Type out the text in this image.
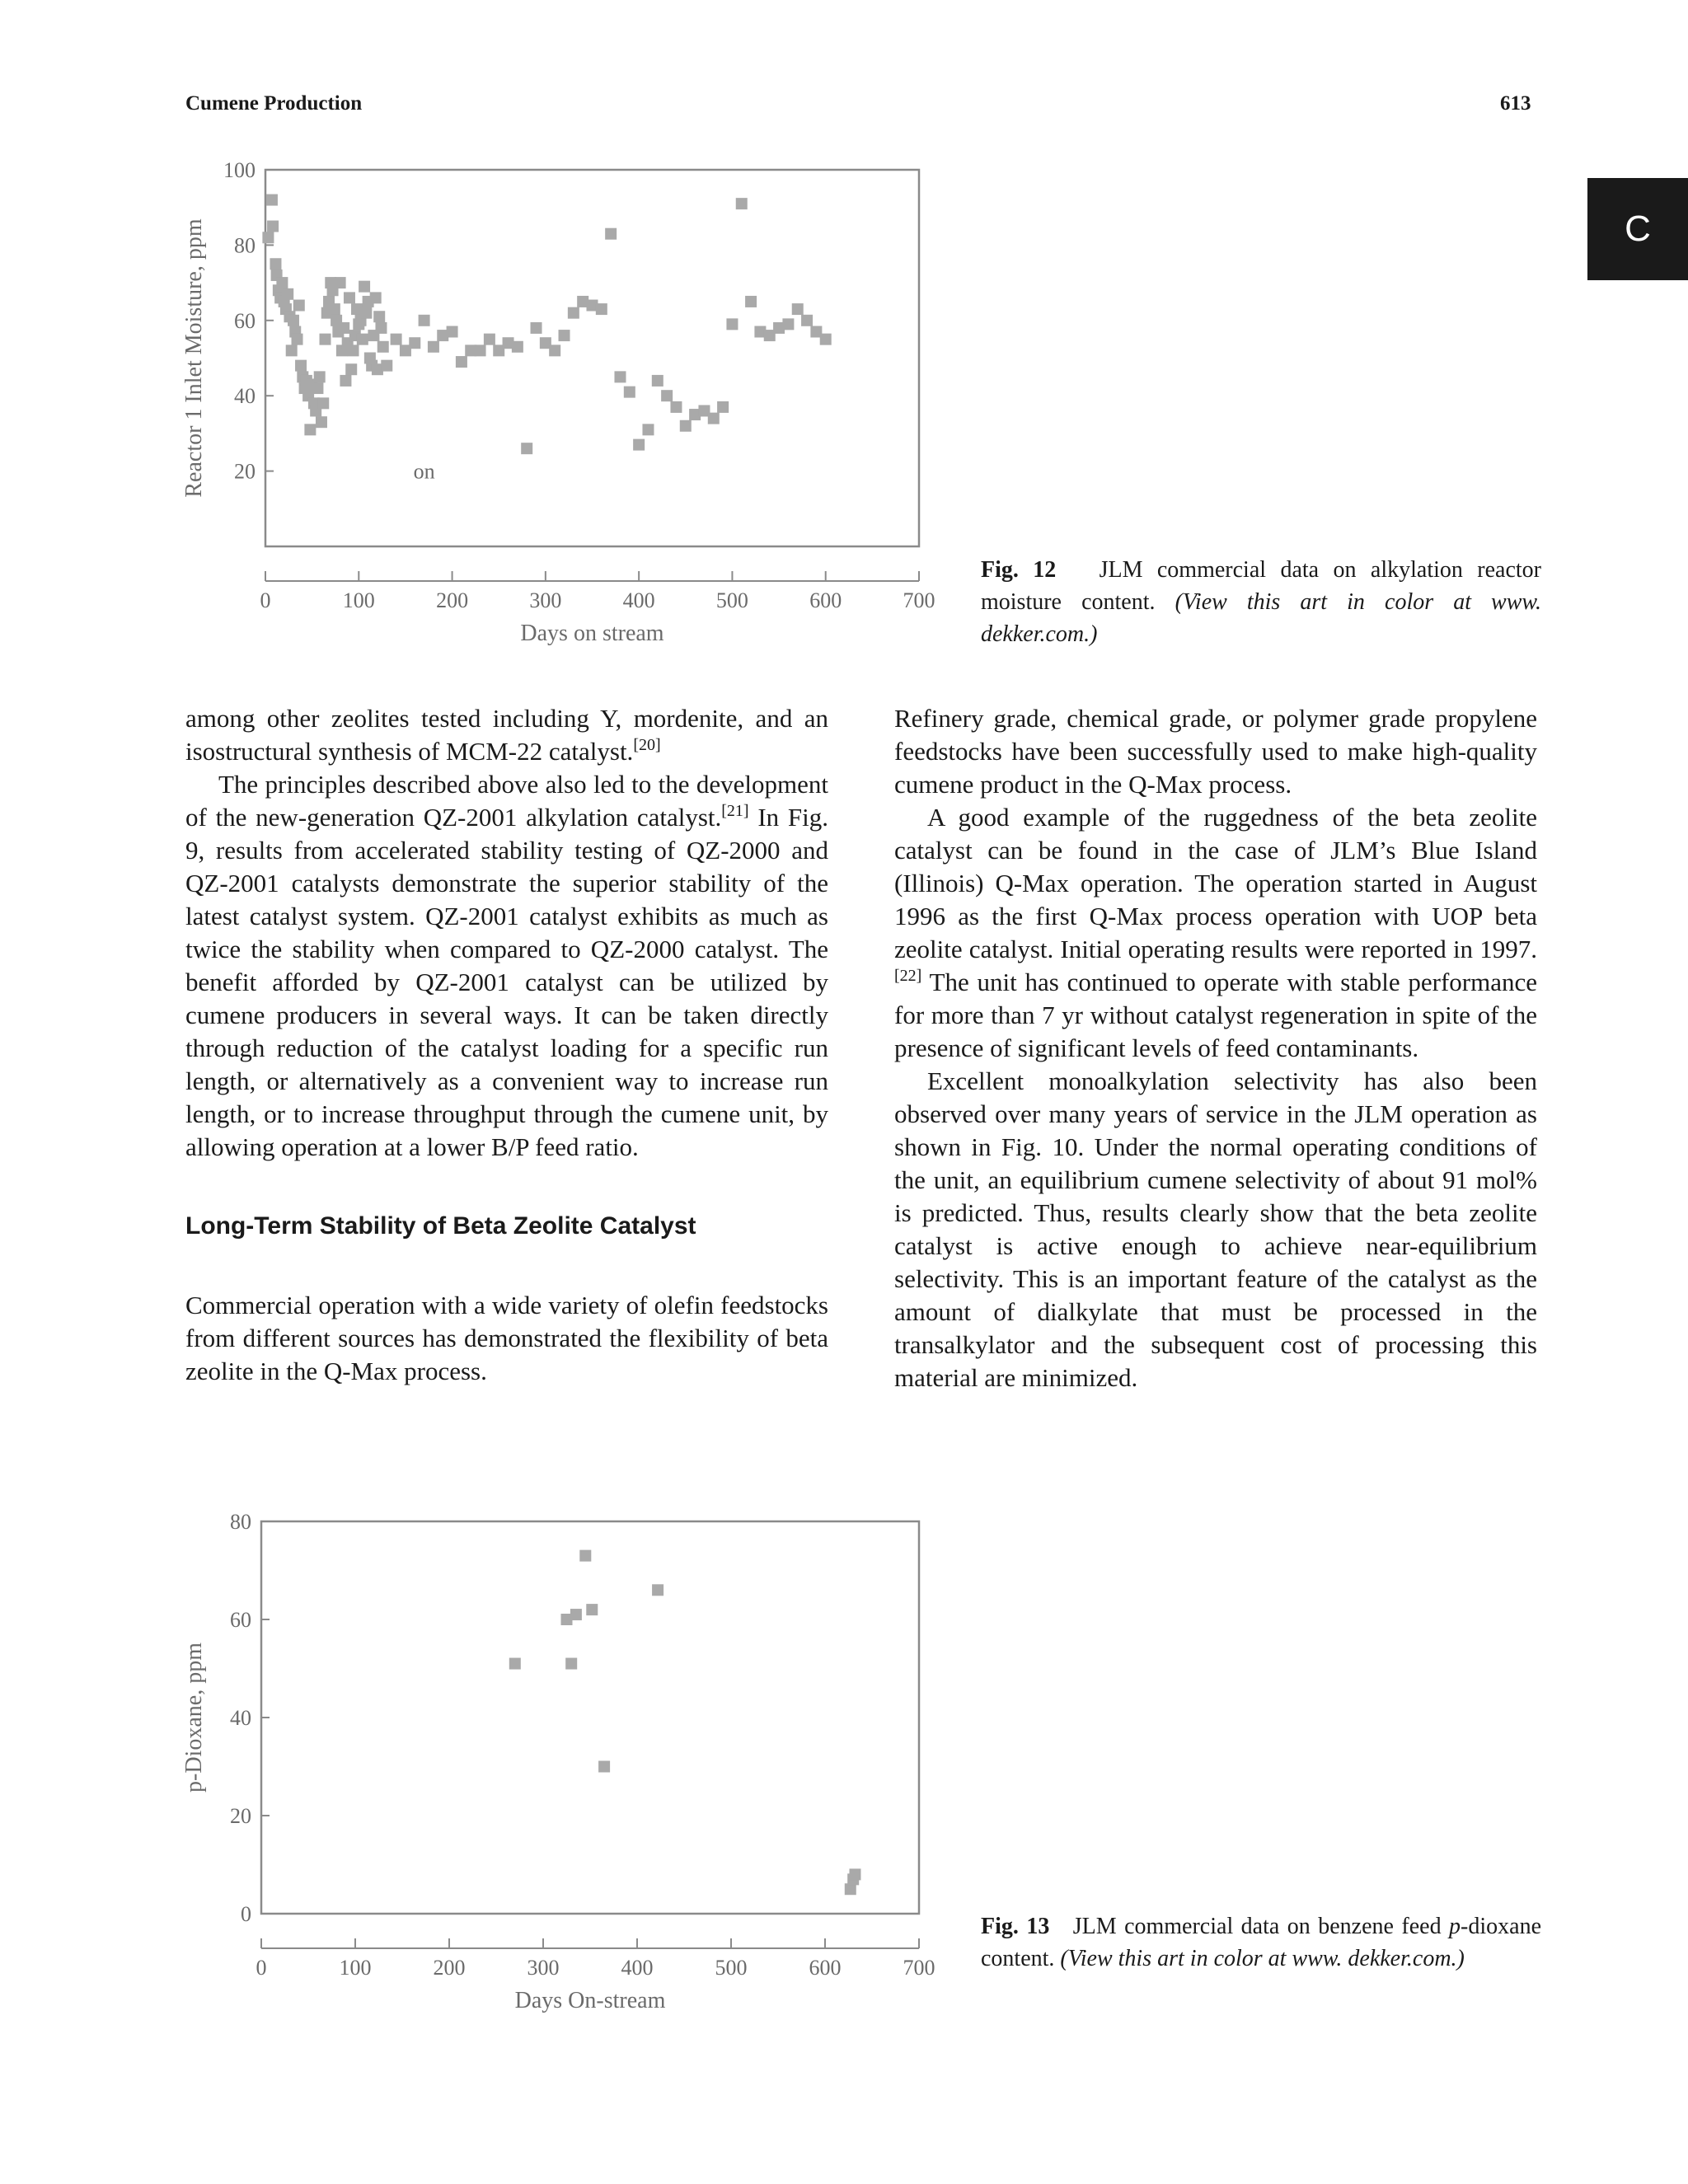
Cumene Production	613
C
20
40
60
80
100
0	100	200	300	400	500	600	700
Days on stream
Reactor 1 Inlet Moisture, ppm	on
Fig. 12 JLM commercial data on alkylation reactor moisture content. (View this art in color at www. dekker.com.)

among other zeolites tested including Y, mordenite, and an isostructural synthesis of MCM-22 catalyst.[20]

The principles described above also led to the development of the new-generation QZ-2001 alkylation catalyst.[21] In Fig. 9, results from accelerated stability testing of QZ-2000 and QZ-2001 catalysts demonstrate the superior stability of the latest catalyst system. QZ-2001 catalyst exhibits as much as twice the stability when compared to QZ-2000 catalyst. The benefit afforded by QZ-2001 catalyst can be utilized by cumene producers in several ways. It can be taken directly through reduction of the catalyst loading for a specific run length, or alternatively as a convenient way to increase run length, or to increase throughput through the cumene unit, by allowing operation at a lower B/P feed ratio.

Long-Term Stability of Beta Zeolite Catalyst

Commercial operation with a wide variety of olefin feedstocks from different sources has demonstrated the flexibility of beta zeolite in the Q-Max process.

Refinery grade, chemical grade, or polymer grade propylene feedstocks have been successfully used to make high-quality cumene product in the Q-Max process.

A good example of the ruggedness of the beta zeolite catalyst can be found in the case of JLM’s Blue Island (Illinois) Q-Max operation. The operation started in August 1996 as the first Q-Max process operation with UOP beta zeolite catalyst. Initial operating results were reported in 1997.[22] The unit has continued to operate with stable performance for more than 7 yr without catalyst regeneration in spite of the presence of significant levels of feed contaminants.

Excellent monoalkylation selectivity has also been observed over many years of service in the JLM operation as shown in Fig. 10. Under the normal operating conditions of the unit, an equilibrium cumene selectivity of about 91 mol% is predicted. Thus, results clearly show that the beta zeolite catalyst is active enough to achieve near-equilibrium selectivity. This is an important feature of the catalyst as the amount of dialkylate that must be processed in the transalkylator and the subsequent cost of processing this material are minimized.

0
20
40
60
80
0	100	200	300	400	500	600	700
Days On-stream
p-Dioxane, ppm
Fig. 13 JLM commercial data on benzene feed p-dioxane content. (View this art in color at www. dekker.com.)
